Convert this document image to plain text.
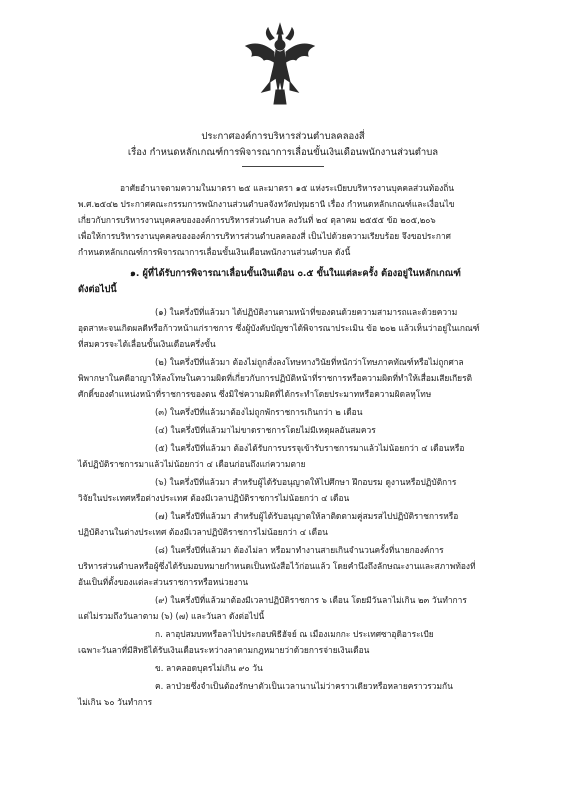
ประกาศองค์การบริหารส่วนตำบลคลองสี่
เรื่อง กำหนดหลักเกณฑ์การพิจารณาการเลื่อนขั้นเงินเดือนพนักงานส่วนตำบล
อาศัยอำนาจตามความในมาตรา ๒๕ และมาตรา ๑๕ แห่งระเบียบบริหารงานบุคคลส่วนท้องถิ่น
พ.ศ.๒๕๔๒ ประกาศคณะกรรมการพนักงานส่วนตำบลจังหวัดปทุมธานี เรื่อง กำหนดหลักเกณฑ์และเงื่อนไข
เกี่ยวกับการบริหารงานบุคคลขององค์การบริหารส่วนตำบล ลงวันที่ ๒๔ ตุลาคม ๒๕๕๕ ข้อ ๒๐๕,๒๐๖
เพื่อให้การบริหารงานบุคคลขององค์การบริหารส่วนตำบลคลองสี่ เป็นไปด้วยความเรียบร้อย จึงขอประกาศ
กำหนดหลักเกณฑ์การพิจารณาการเลื่อนขั้นเงินเดือนพนักงานส่วนตำบล ดังนี้
๑. ผู้ที่ได้รับการพิจารณาเลื่อนขั้นเงินเดือน ๐.๕ ขั้นในแต่ละครั้ง ต้องอยู่ในหลักเกณฑ์
ดังต่อไปนี้
(๑) ในครึ่งปีที่แล้วมา ได้ปฏิบัติงานตามหน้าที่ของตนด้วยความสามารถและด้วยความ
อุตสาหะจนเกิดผลดีหรือก้าวหน้าแก่ราชการ ซึ่งผู้บังคับบัญชาได้พิจารณาประเมิน ข้อ ๒๐๒ แล้วเห็นว่าอยู่ในเกณฑ์
ที่สมควรจะได้เลื่อนขั้นเงินเดือนครึ่งขั้น
(๒) ในครึ่งปีที่แล้วมา ต้องไม่ถูกสั่งลงโทษทางวินัยที่หนักว่าโทษภาคทัณฑ์หรือไม่ถูกศาล
พิพากษาในคดีอาญาให้ลงโทษในความผิดที่เกี่ยวกับการปฏิบัติหน้าที่ราชการหรือความผิดที่ทำให้เสื่อมเสียเกียรติ
ศักดิ์ของตำแหน่งหน้าที่ราชการของตน ซึ่งมิใช่ความผิดที่ได้กระทำโดยประมาทหรือความผิดลหุโทษ
(๓) ในครึ่งปีที่แล้วมาต้องไม่ถูกพักราชการเกินกว่า ๒ เดือน
(๔) ในครึ่งปีที่แล้วมาไม่ขาดราชการโดยไม่มีเหตุผลอันสมควร
(๕) ในครึ่งปีที่แล้วมา ต้องได้รับการบรรจุเข้ารับราชการมาแล้วไม่น้อยกว่า ๔ เดือนหรือ
ได้ปฏิบัติราชการมาแล้วไม่น้อยกว่า ๔ เดือนก่อนถึงแก่ความตาย
(๖) ในครึ่งปีที่แล้วมา สำหรับผู้ได้รับอนุญาตให้ไปศึกษา ฝึกอบรม ดูงานหรือปฏิบัติการ
วิจัยในประเทศหรือต่างประเทศ ต้องมีเวลาปฏิบัติราชการไม่น้อยกว่า ๔ เดือน
(๗) ในครึ่งปีที่แล้วมา สำหรับผู้ได้รับอนุญาตให้ลาติดตามคู่สมรสไปปฏิบัติราชการหรือ
ปฏิบัติงานในต่างประเทศ ต้องมีเวลาปฏิบัติราชการไม่น้อยกว่า ๔ เดือน
(๘) ในครึ่งปีที่แล้วมา ต้องไม่ลา หรือมาทำงานสายเกินจำนวนครั้งที่นายกองค์การ
บริหารส่วนตำบลหรือผู้ซึ่งได้รับมอบหมายกำหนดเป็นหนังสือไว้ก่อนแล้ว โดยคำนึงถึงลักษณะงานและสภาพท้องที่
อันเป็นที่ตั้งของแต่ละส่วนราชการหรือหน่วยงาน
(๙) ในครึ่งปีที่แล้วมาต้องมีเวลาปฏิบัติราชการ ๖ เดือน โดยมีวันลาไม่เกิน ๒๓ วันทำการ
แต่ไม่รวมถึงวันลาตาม (๖) (๗) และวันลา ดังต่อไปนี้
ก. ลาอุปสมบทหรือลาไปประกอบพิธีฮัจย์ ณ เมืองเมกกะ ประเทศซาอุดิอาระเบีย
เฉพาะวันลาที่มีสิทธิได้รับเงินเดือนระหว่างลาตามกฎหมายว่าด้วยการจ่ายเงินเดือน
ข. ลาคลอดบุตรไม่เกิน ๙๐ วัน
ค. ลาป่วยซึ่งจำเป็นต้องรักษาตัวเป็นเวลานานไม่ว่าคราวเดียวหรือหลายคราวรวมกัน
ไม่เกิน ๖๐ วันทำการ
